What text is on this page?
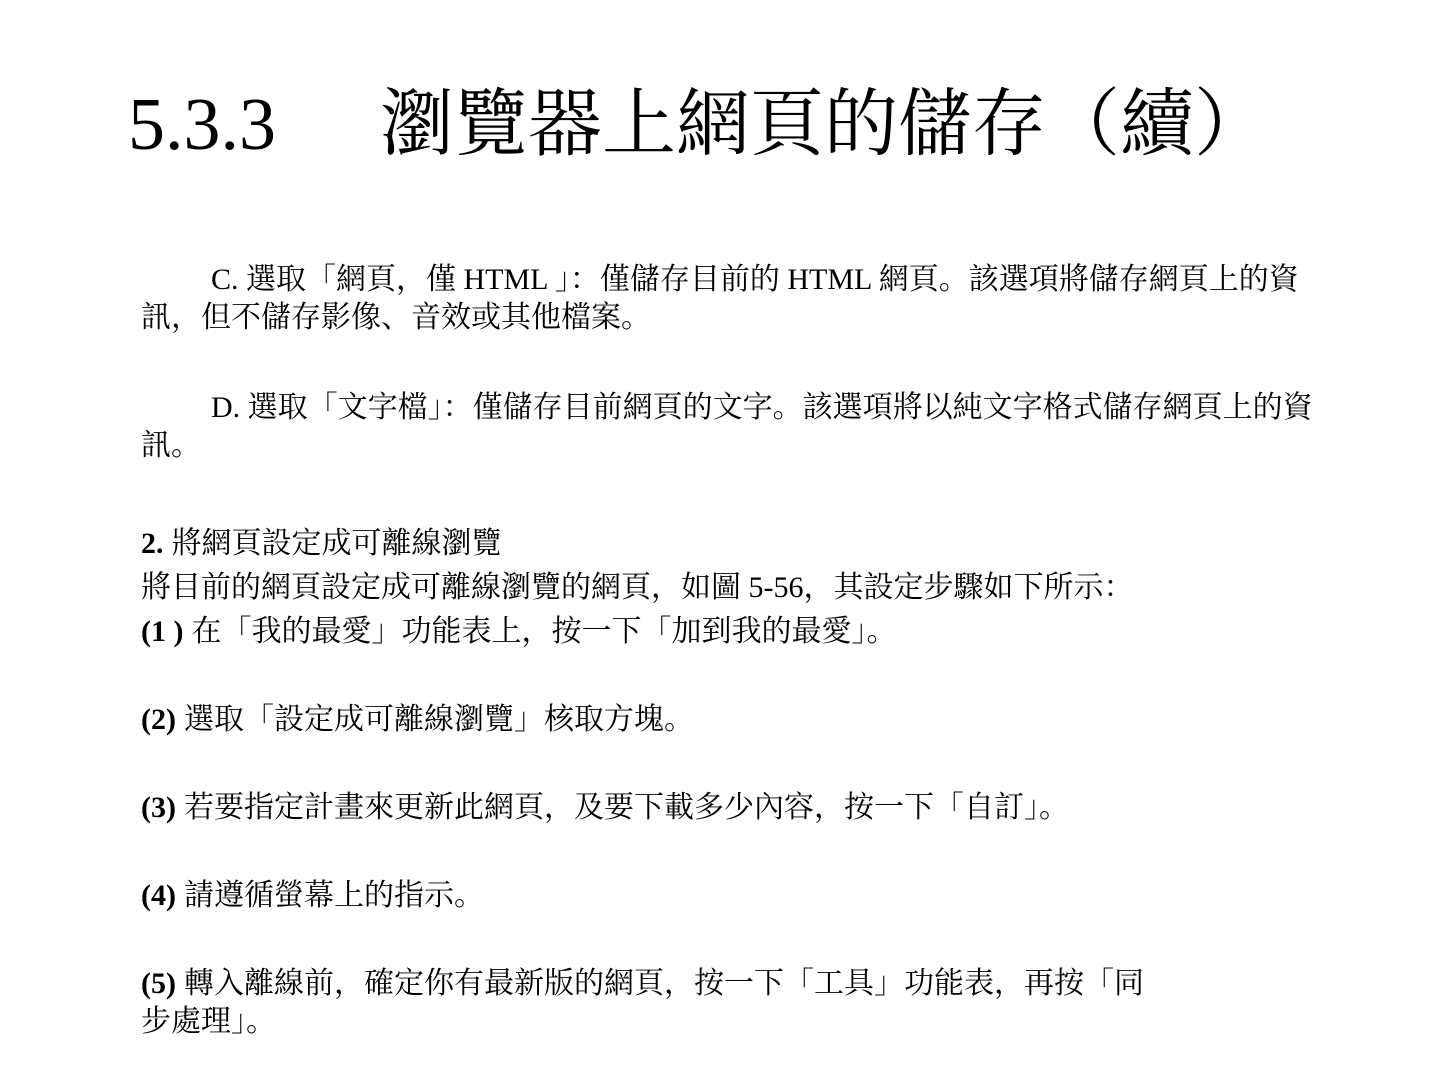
5.3.3 瀏覽器上網頁的儲存（續）

C. 選取「網頁，僅 HTML 」：僅儲存目前的 HTML 網頁。該選項將儲存網頁上的資訊，但不儲存影像、音效或其他檔案。

D. 選取「文字檔」：僅儲存目前網頁的文字。該選項將以純文字格式儲存網頁上的資訊。

2. 將網頁設定成可離線瀏覽

將目前的網頁設定成可離線瀏覽的網頁，如圖 5-56，其設定步驟如下所示：

(1 ) 在「我的最愛」功能表上，按一下「加到我的最愛」。

(2) 選取「設定成可離線瀏覽」核取方塊。

(3) 若要指定計畫來更新此網頁，及要下載多少內容，按一下「自訂」。

(4) 請遵循螢幕上的指示。

(5) 轉入離線前，確定你有最新版的網頁，按一下「工具」功能表，再按「同步處理」。
